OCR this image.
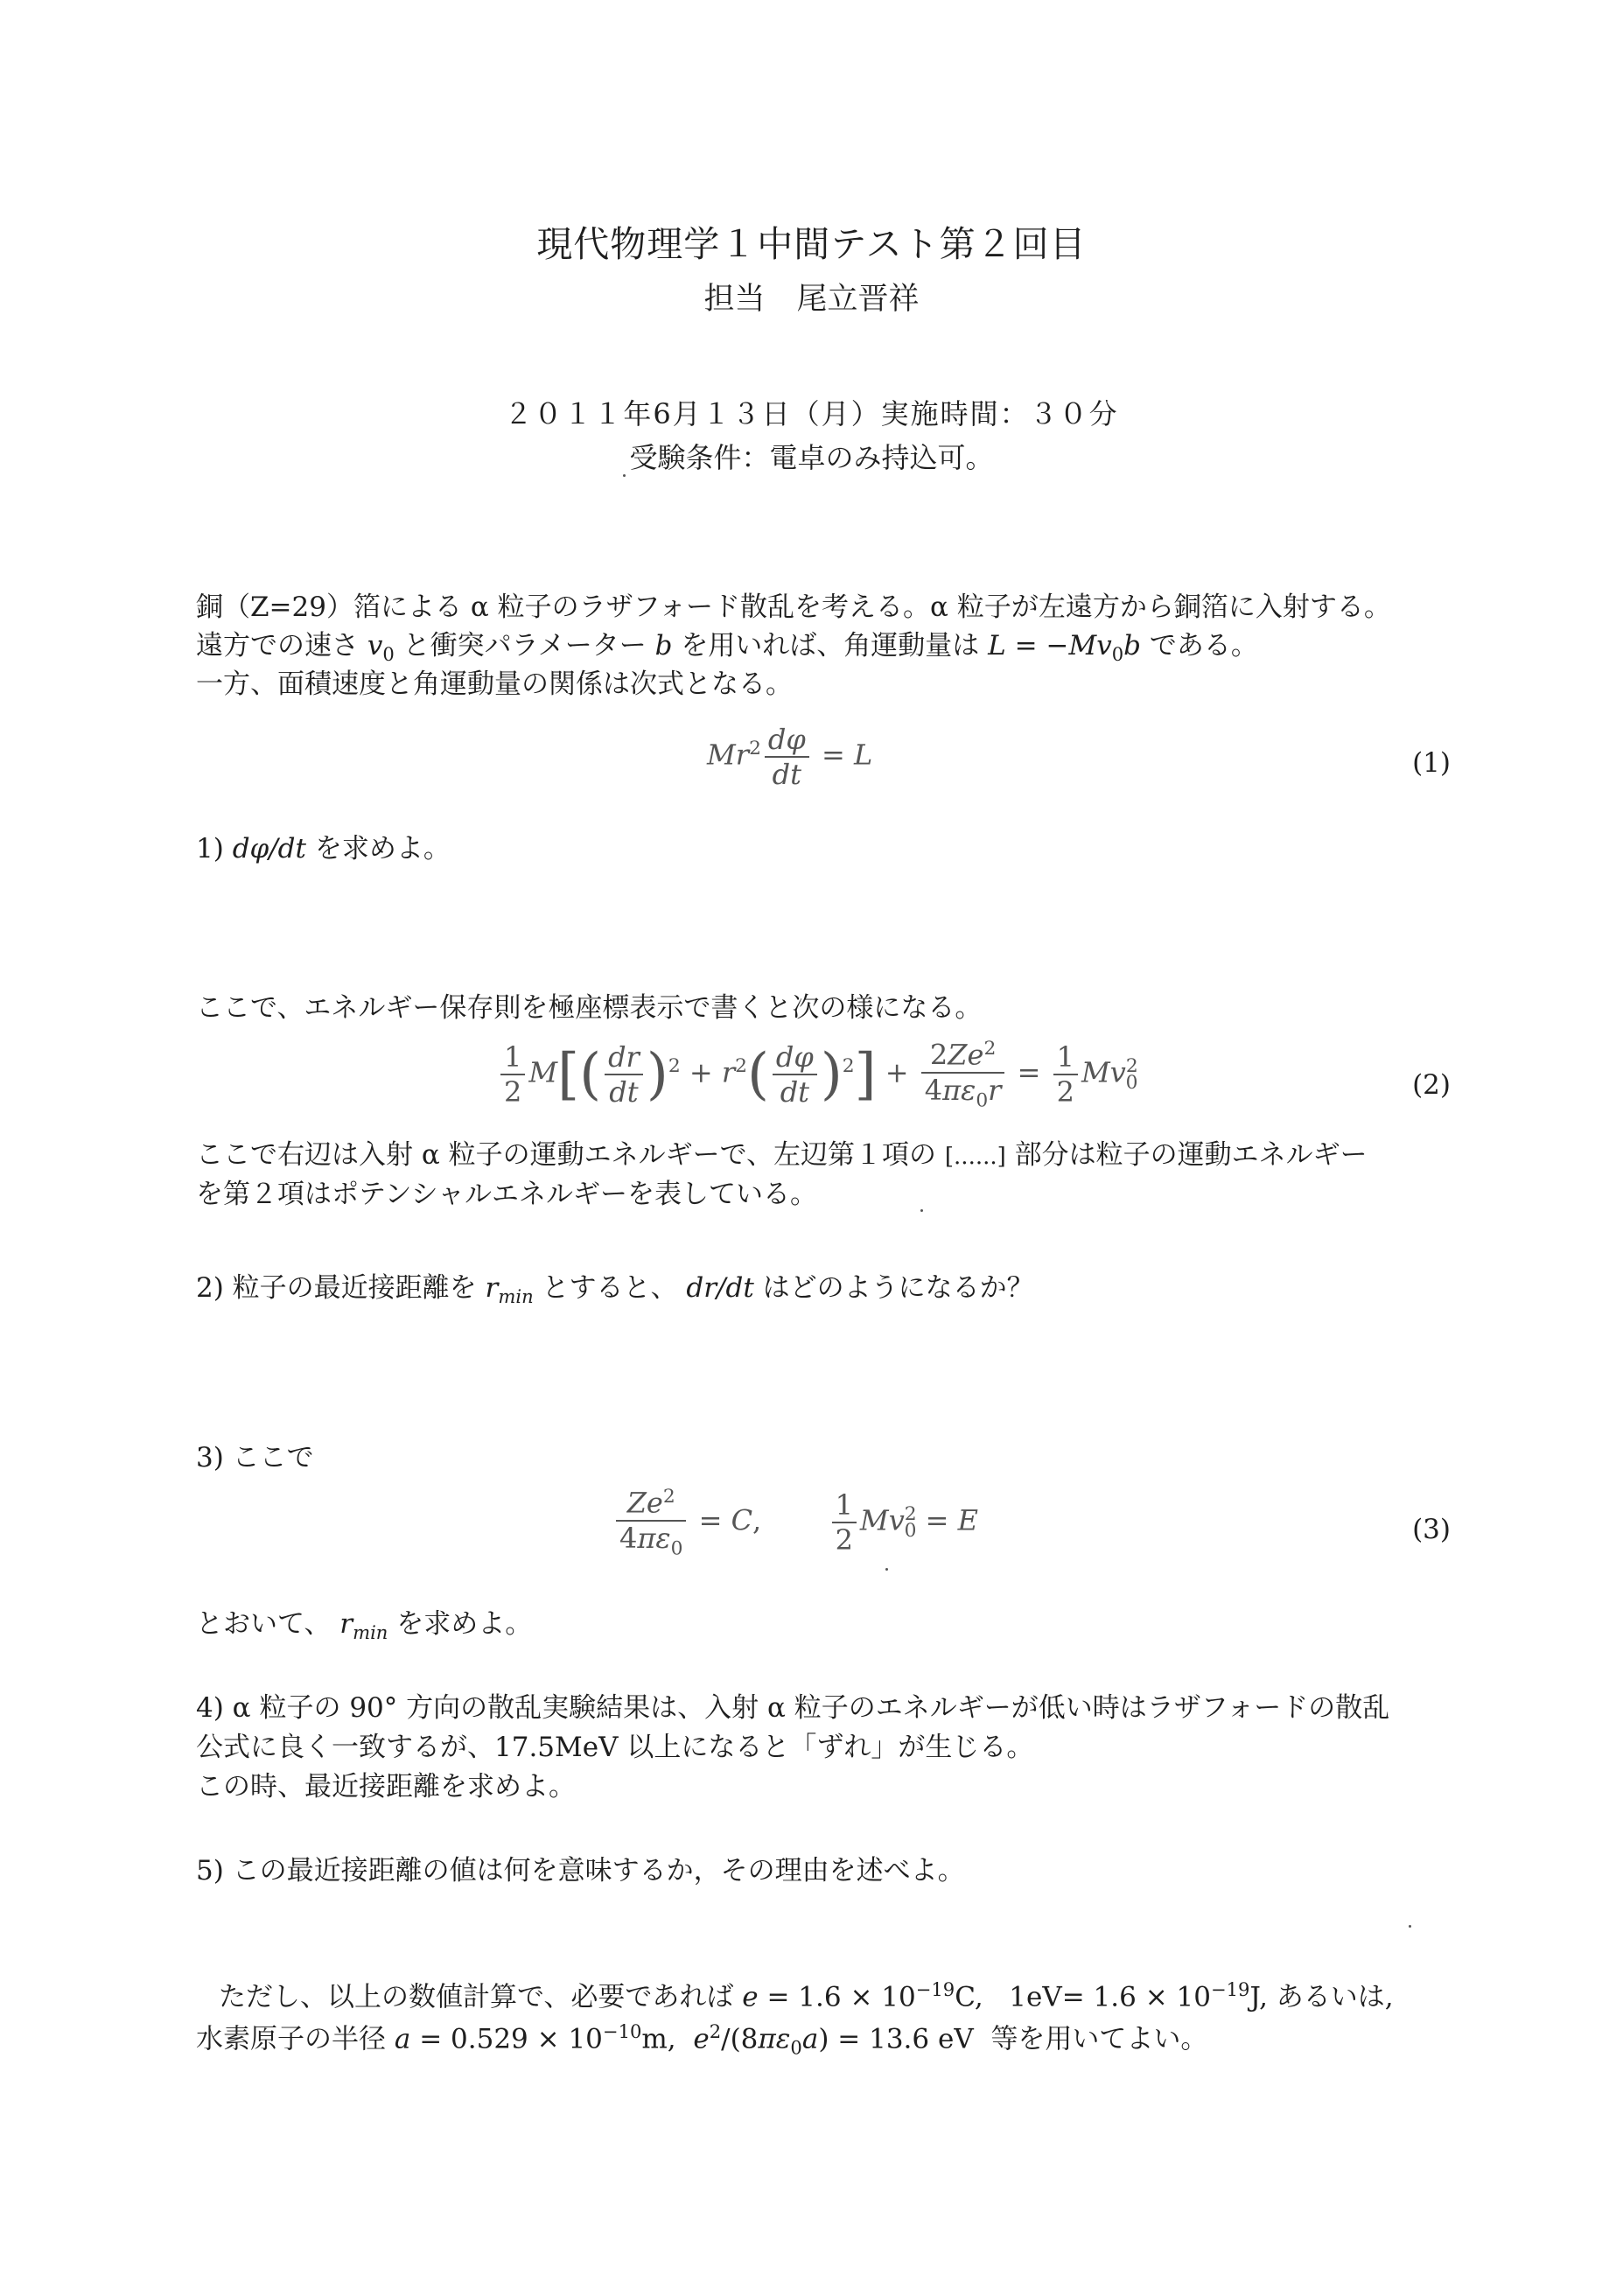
現代物理学１中間テスト第２回目
担当 尾立晋祥
２０１１年6月１３日（月）実施時間：３０分
受験条件：電卓のみ持込可。
銅（Z=29）箔による α 粒子のラザフォード散乱を考える。α 粒子が左遠方から銅箔に入射する。
遠方での速さ $v_0$ と衝突パラメーター b を用いれば、角運動量は $L = -Mv_0b$ である。
一方、面積速度と角運動量の関係は次式となる。
$Mr^2 \frac{d\varphi}{dt} = L$	(1)
1) dφ/dt を求めよ。
ここで、エネルギー保存則を極座標表示で書くと次の様になる。
$\frac{1}{2} M[( \frac{dr}{dt} )^2 + r^2( \frac{d\varphi}{dt} )^2] + \frac{2Ze^2}{4\pi\varepsilon_0r} = \frac{1}{2} Mv^2_0$	(2)
ここで右辺は入射 α 粒子の運動エネルギーで、左辺第１項の [......] 部分は粒子の運動エネルギー
を第２項はポテンシャルエネルギーを表している。
2) 粒子の最近接距離を $r_{min}$ とすると、 dr/dt はどのようになるか？
3) ここで
$\frac{Ze^2}{4\pi\varepsilon_0} = C$, $\frac{1}{2} Mv^2_0 = E$	(3)
とおいて、 $r_{min}$ を求めよ。
4) α 粒子の 90° 方向の散乱実験結果は、入射 α 粒子のエネルギーが低い時はラザフォードの散乱
公式に良く一致するが、17.5MeV 以上になると「ずれ」が生じる。
この時、最近接距離を求めよ。
5) この最近接距離の値は何を意味するか，その理由を述べよ。
ただし、以上の数値計算で、必要であれば $e = 1.6 \times 10^{-19}C$,   $1eV= 1.6 \times 10^{-19}J$, あるいは,
水素原子の半径 $a = 0.529 \times 10^{-10}m$,  $e^2/(8\pi\varepsilon_0a) = 13.6$ eV  等を用いてよい。
